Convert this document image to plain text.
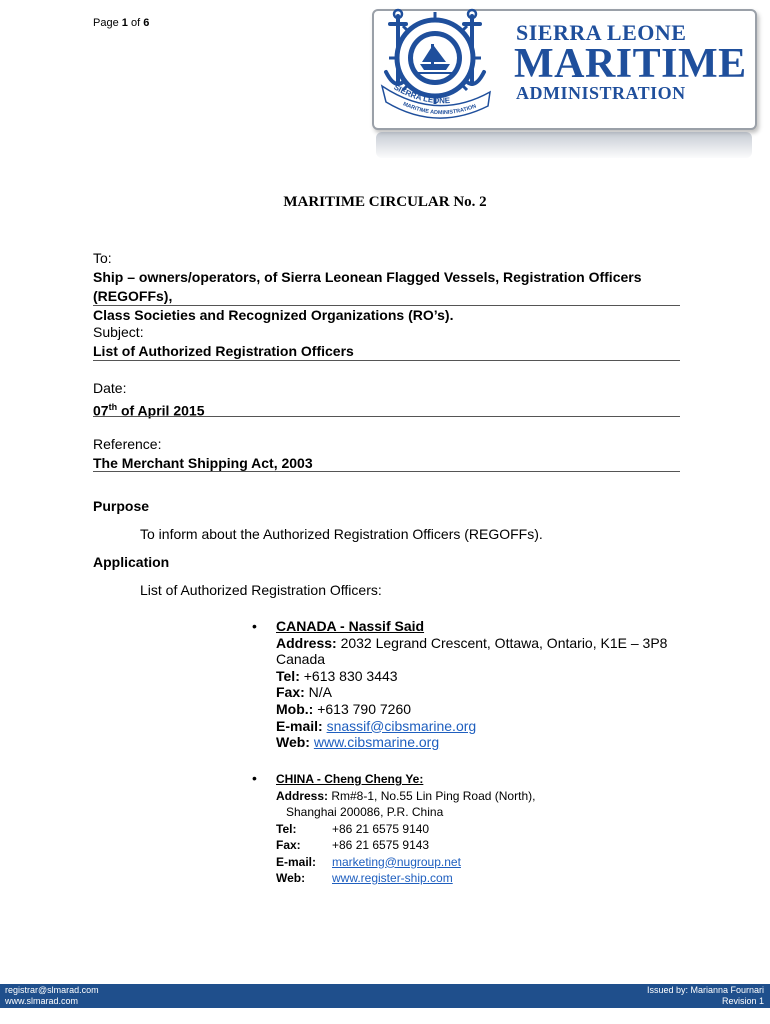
Page 1 of 6
SIERRA LEONE
MARITIME ADMINISTRATION
SIERRA LEONE
MARITIME
ADMINISTRATION
MARITIME CIRCULAR No. 2
To:
Ship – owners/operators, of Sierra Leonean Flagged Vessels, Registration Officers (REGOFFs),
Class Societies and Recognized Organizations (RO’s).
Subject:
List of Authorized Registration Officers
Date:
07th of April 2015
Reference:
The Merchant Shipping Act, 2003
Purpose
To inform about the Authorized Registration Officers (REGOFFs).
Application
List of Authorized Registration Officers:
• CANADA - Nassif Said
Address: 2032 Legrand Crescent, Ottawa, Ontario, K1E – 3P8
Canada
Tel: +613 830 3443
Fax: N/A
Mob.: +613 790 7260
E-mail: snassif@cibsmarine.org
Web: www.cibsmarine.org
• CHINA - Cheng Cheng Ye:
Address: Rm#8-1, No.55 Lin Ping Road (North),
Shanghai 200086, P.R. China
Tel:	+86 21 6575 9140
Fax:	+86 21 6575 9143
E-mail: marketing@nugroup.net
Web: www.register-ship.com
registrar@slmarad.com
www.slmarad.com
Issued by: Marianna Fournari
Revision 1
